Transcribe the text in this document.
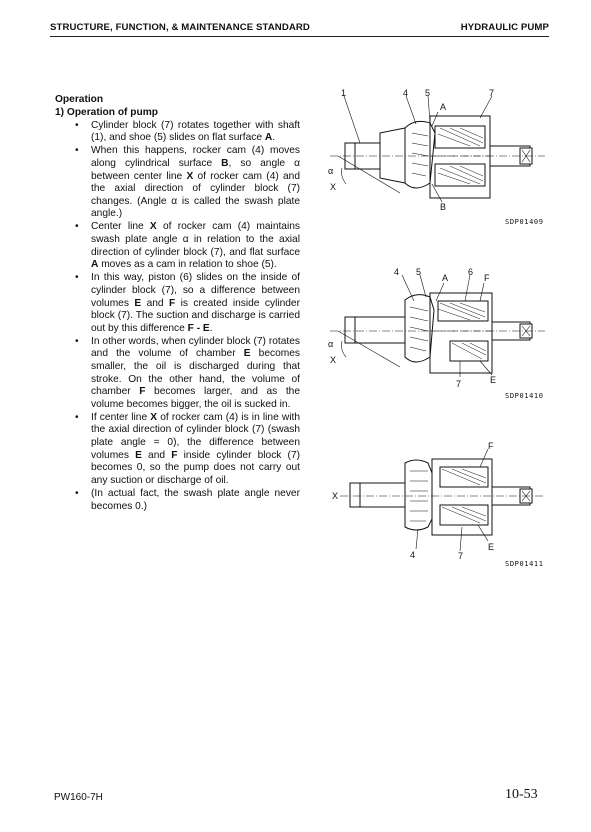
STRUCTURE, FUNCTION, & MAINTENANCE STANDARD	HYDRAULIC PUMP
Operation
1) Operation of pump
• Cylinder block (7) rotates together with shaft (1), and shoe (5) slides on flat surface A.
• When this happens, rocker cam (4) moves along cylindrical surface B, so angle α between center line X of rocker cam (4) and the axial direction of cylinder block (7) changes. (Angle α is called the swash plate angle.)
• Center line X of rocker cam (4) maintains swash plate angle α in relation to the axial direction of cylinder block (7), and flat surface A moves as a cam in relation to shoe (5).
• In this way, piston (6) slides on the inside of cylinder block (7), so a difference between volumes E and F is created inside cylinder block (7). The suction and discharge is carried out by this difference F - E.
• In other words, when cylinder block (7) rotates and the volume of chamber E becomes smaller, the oil is discharged during that stroke. On the other hand, the volume of chamber F becomes larger, and as the volume becomes bigger, the oil is sucked in.
• If center line X of rocker cam (4) is in line with the axial direction of cylinder block (7) (swash plate angle = 0), the difference between volumes E and F inside cylinder block (7) becomes 0, so the pump does not carry out any suction or discharge of oil.
• (In actual fact, the swash plate angle never becomes 0.)
1	4 5
A
7
α
X
B
SDP01409
4 5
A
6
F
α
X
7	E
SDP01410
F
X
E
4	7
SDP01411
PW160-7H	10-53
